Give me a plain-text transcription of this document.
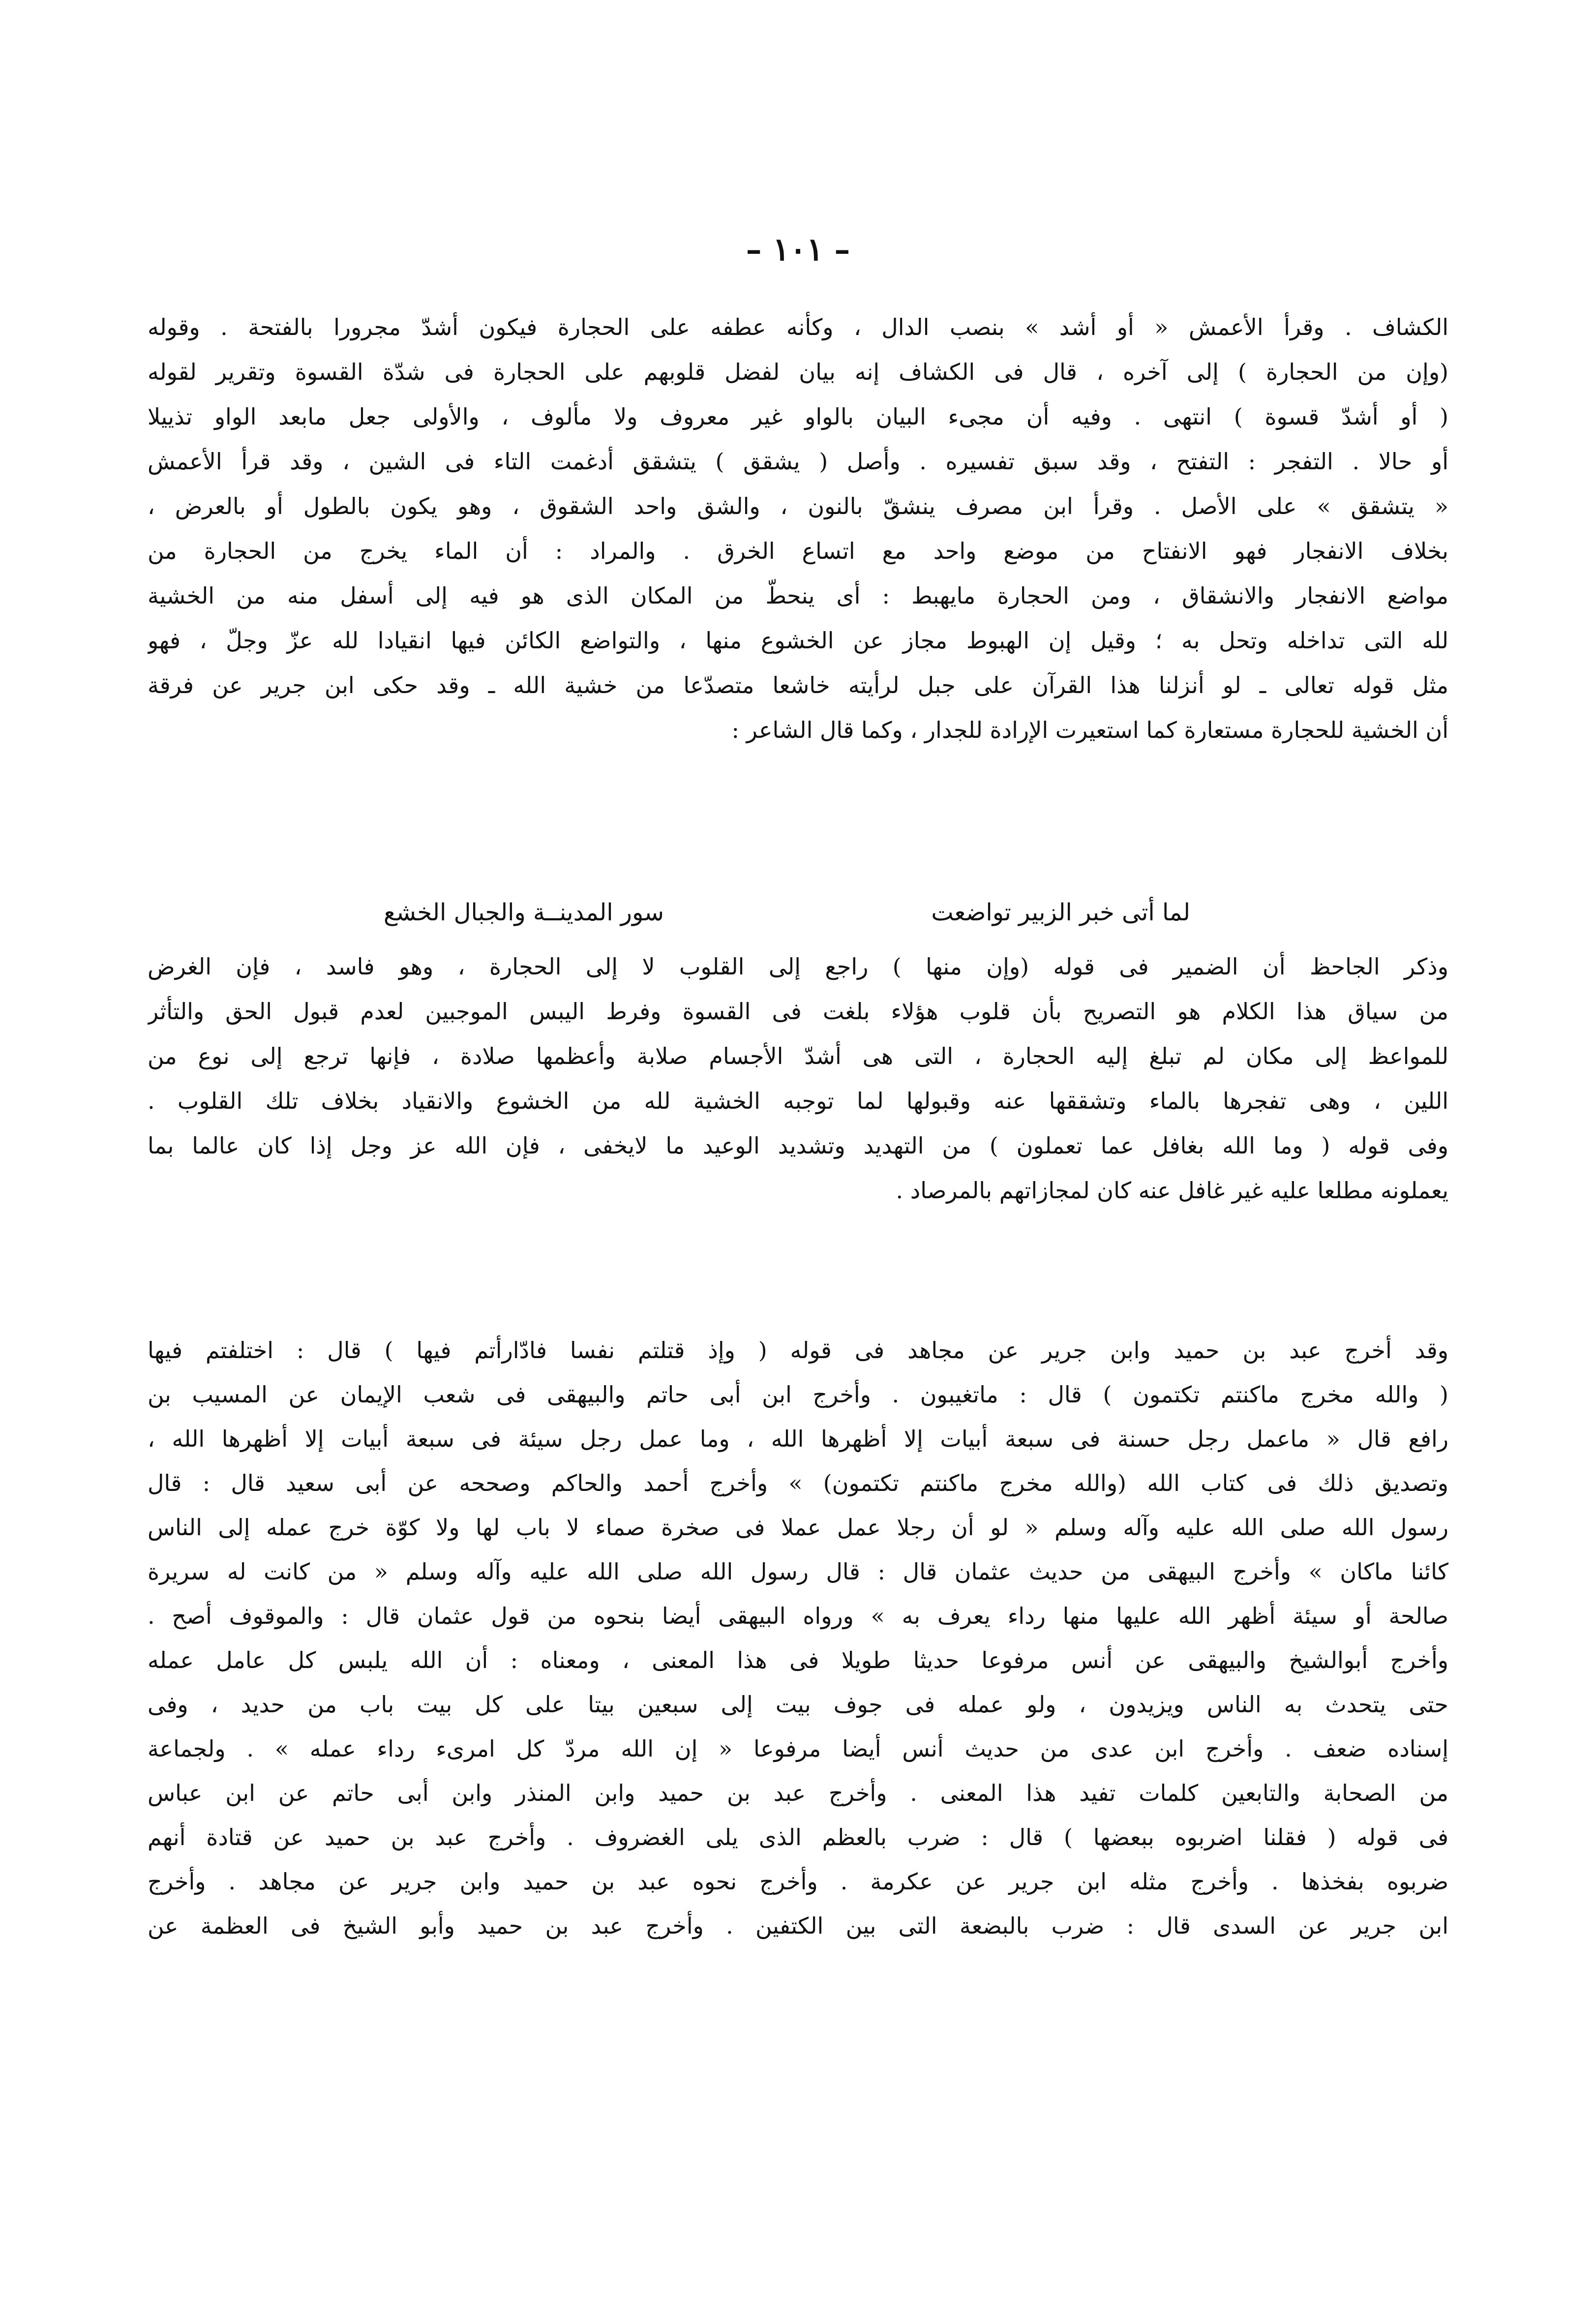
– ١٠١ –
الكشاف . وقرأ الأعمش « أو أشد » بنصب الدال ، وكأنه عطفه على الحجارة فيكون أشدّ مجرورا بالفتحة . وقوله
(وإن من الحجارة ) إلى آخره ، قال فى الكشاف إنه بيان لفضل قلوبهم على الحجارة فى شدّة القسوة وتقرير لقوله
( أو أشدّ قسوة ) انتهى . وفيه أن مجىء البيان بالواو غير معروف ولا مألوف ، والأولى جعل مابعد الواو تذييلا
أو حالا . التفجر : التفتح ، وقد سبق تفسيره . وأصل ( يشقق ) يتشقق أدغمت التاء فى الشين ، وقد قرأ الأعمش
« يتشقق » على الأصل . وقرأ ابن مصرف ينشقّ بالنون ، والشق واحد الشقوق ، وهو يكون بالطول أو بالعرض ،
بخلاف الانفجار فهو الانفتاح من موضع واحد مع اتساع الخرق . والمراد : أن الماء يخرج من الحجارة من
مواضع الانفجار والانشقاق ، ومن الحجارة مايهبط : أى ينحطّ من المكان الذى هو فيه إلى أسفل منه من الخشية
لله التى تداخله وتحل به ؛ وقيل إن الهبوط مجاز عن الخشوع منها ، والتواضع الكائن فيها انقيادا لله عزّ وجلّ ، فهو
مثل قوله تعالى ـ لو أنزلنا هذا القرآن على جبل لرأيته خاشعا متصدّعا من خشية الله ـ وقد حكى ابن جرير عن فرقة
أن الخشية للحجارة مستعارة كما استعيرت الإرادة للجدار ، وكما قال الشاعر :
لما أتى خبر الزبير تواضعت
سور المدينــة والجبال الخشع
وذكر الجاحظ أن الضمير فى قوله (وإن منها ) راجع إلى القلوب لا إلى الحجارة ، وهو فاسد ، فإن الغرض
من سياق هذا الكلام هو التصريح بأن قلوب هؤلاء بلغت فى القسوة وفرط اليبس الموجبين لعدم قبول الحق والتأثر
للمواعظ إلى مكان لم تبلغ إليه الحجارة ، التى هى أشدّ الأجسام صلابة وأعظمها صلادة ، فإنها ترجع إلى نوع من
اللين ، وهى تفجرها بالماء وتشققها عنه وقبولها لما توجبه الخشية لله من الخشوع والانقياد بخلاف تلك القلوب .
وفى قوله ( وما الله بغافل عما تعملون ) من التهديد وتشديد الوعيد ما لايخفى ، فإن الله عز وجل إذا كان عالما بما
يعملونه مطلعا عليه غير غافل عنه كان لمجازاتهم بالمرصاد .
وقد أخرج عبد بن حميد وابن جرير عن مجاهد فى قوله ( وإذ قتلتم نفسا فادّارأتم فيها ) قال : اختلفتم فيها
( والله مخرج ماكنتم تكتمون ) قال : ماتغيبون . وأخرج ابن أبى حاتم والبيهقى فى شعب الإيمان عن المسيب بن
رافع قال « ماعمل رجل حسنة فى سبعة أبيات إلا أظهرها الله ، وما عمل رجل سيئة فى سبعة أبيات إلا أظهرها الله ،
وتصديق ذلك فى كتاب الله (والله مخرج ماكنتم تكتمون) » وأخرج أحمد والحاكم وصححه عن أبى سعيد قال : قال
رسول الله صلى الله عليه وآله وسلم « لو أن رجلا عمل عملا فى صخرة صماء لا باب لها ولا كوّة خرج عمله إلى الناس
كائنا ماكان » وأخرج البيهقى من حديث عثمان قال : قال رسول الله صلى الله عليه وآله وسلم « من كانت له سريرة
صالحة أو سيئة أظهر الله عليها منها رداء يعرف به » ورواه البيهقى أيضا بنحوه من قول عثمان قال : والموقوف أصح .
وأخرج أبوالشيخ والبيهقى عن أنس مرفوعا حديثا طويلا فى هذا المعنى ، ومعناه : أن الله يلبس كل عامل عمله
حتى يتحدث به الناس ويزيدون ، ولو عمله فى جوف بيت إلى سبعين بيتا على كل بيت باب من حديد ، وفى
إسناده ضعف . وأخرج ابن عدى من حديث أنس أيضا مرفوعا « إن الله مردّ كل امرىء رداء عمله » . ولجماعة
من الصحابة والتابعين كلمات تفيد هذا المعنى . وأخرج عبد بن حميد وابن المنذر وابن أبى حاتم عن ابن عباس
فى قوله ( فقلنا اضربوه ببعضها ) قال : ضرب بالعظم الذى يلى الغضروف . وأخرج عبد بن حميد عن قتادة أنهم
ضربوه بفخذها . وأخرج مثله ابن جرير عن عكرمة . وأخرج نحوه عبد بن حميد وابن جرير عن مجاهد . وأخرج
ابن جرير عن السدى قال : ضرب بالبضعة التى بين الكتفين . وأخرج عبد بن حميد وأبو الشيخ فى العظمة عن
